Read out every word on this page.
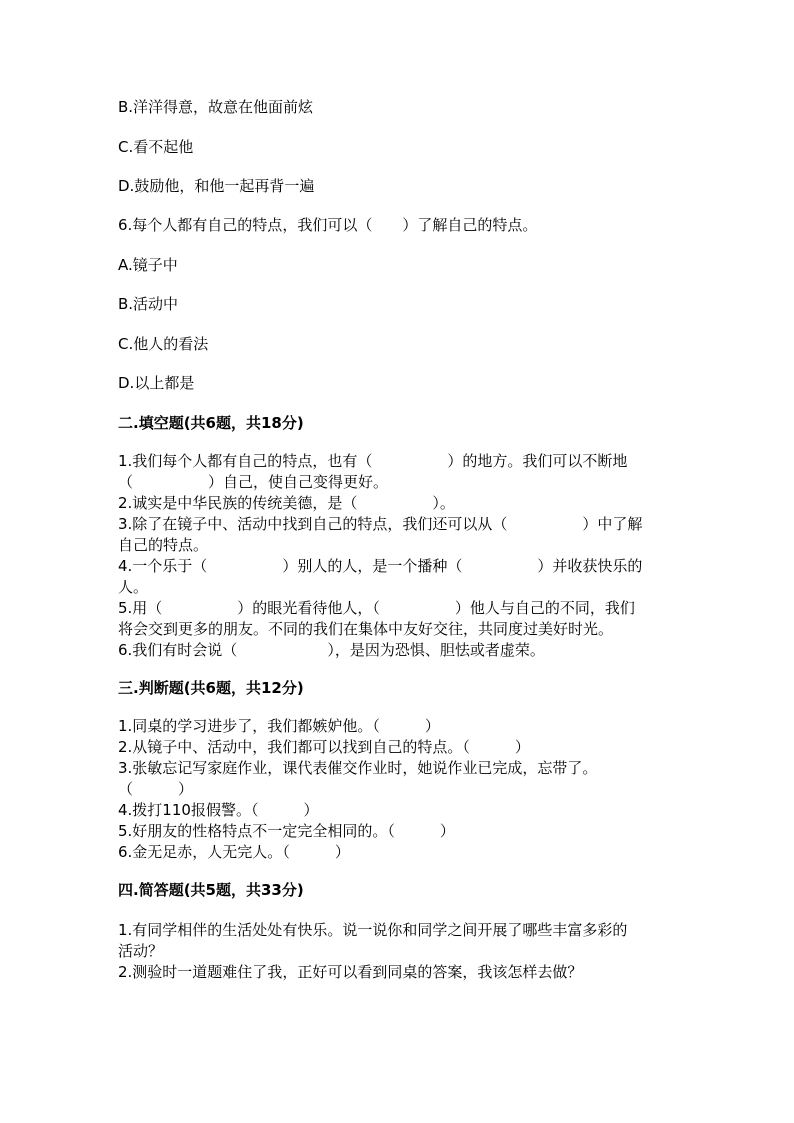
B.洋洋得意，故意在他面前炫
C.看不起他
D.鼓励他，和他一起再背一遍
6.每个人都有自己的特点，我们可以（　　）了解自己的特点。
A.镜子中
B.活动中
C.他人的看法
D.以上都是
二.填空题(共6题，共18分)
1.我们每个人都有自己的特点，也有（　　　　　）的地方。我们可以不断地
（　　　　　）自己，使自己变得更好。
2.诚实是中华民族的传统美德，是（　　　　　）。
3.除了在镜子中、活动中找到自己的特点，我们还可以从（　　　　　）中了解
自己的特点。
4.一个乐于（　　　　　）别人的人，是一个播种（　　　　　）并收获快乐的
人。
5.用（　　　　　）的眼光看待他人，（　　　　　）他人与自己的不同，我们
将会交到更多的朋友。不同的我们在集体中友好交往，共同度过美好时光。
6.我们有时会说（　　　　　　），是因为恐惧、胆怯或者虚荣。
三.判断题(共6题，共12分)
1.同桌的学习进步了，我们都嫉妒他。（　　　）
2.从镜子中、活动中，我们都可以找到自己的特点。（　　　）
3.张敏忘记写家庭作业，课代表催交作业时，她说作业已完成，忘带了。
（　　　）
4.拨打110报假警。（　　　）
5.好朋友的性格特点不一定完全相同的。（　　　）
6.金无足赤，人无完人。（　　　）
四.简答题(共5题，共33分)
1.有同学相伴的生活处处有快乐。说一说你和同学之间开展了哪些丰富多彩的
活动？
2.测验时一道题难住了我，正好可以看到同桌的答案，我该怎样去做？
